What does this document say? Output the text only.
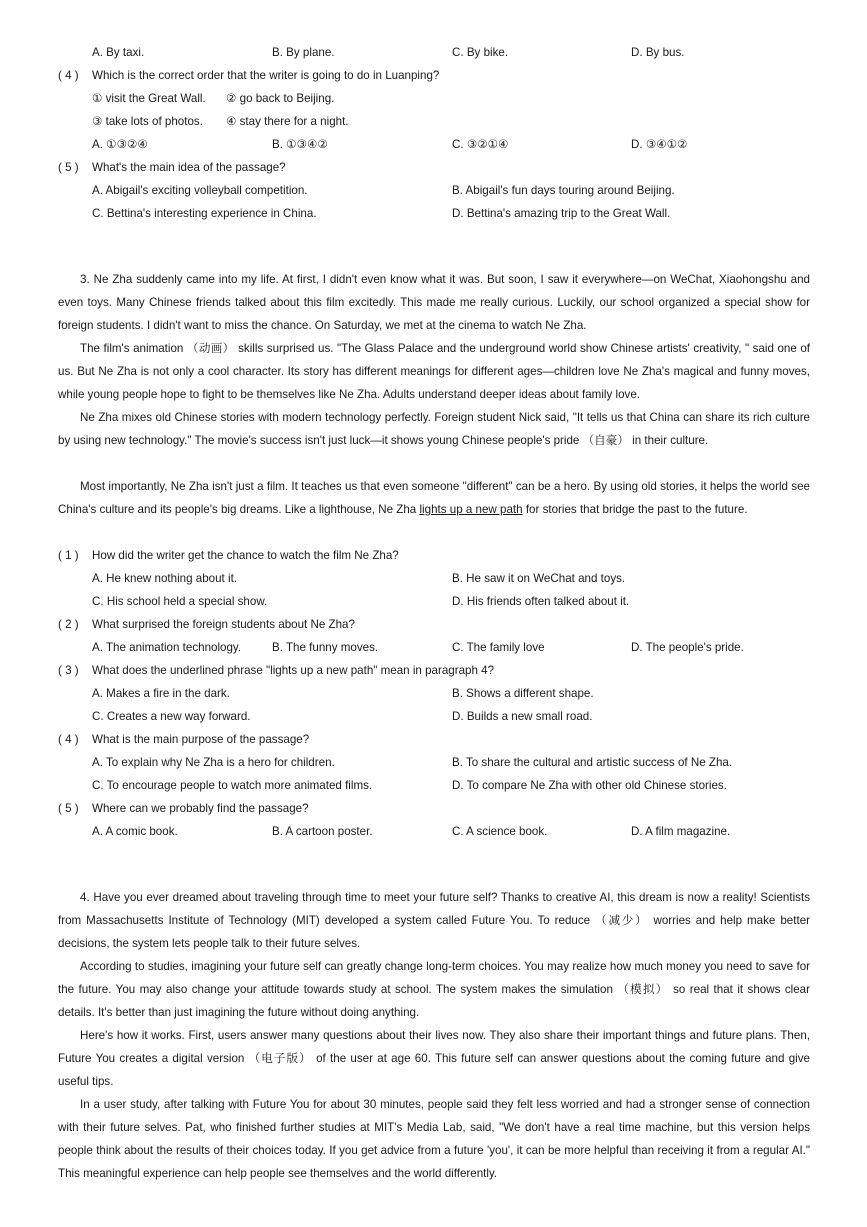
A. By taxi.	B. By plane.	C. By bike.	D. By bus.
( 4 ) Which is the correct order that the writer is going to do in Luanping?
① visit the Great Wall. ② go back to Beijing.
③ take lots of photos. ④ stay there for a night.
A. ①③②④	B. ①③④②	C. ③②①④	D. ③④①②
( 5 ) What's the main idea of the passage?
A. Abigail's exciting volleyball competition.	B. Abigail's fun days touring around Beijing.
C. Bettina's interesting experience in China.	D. Bettina's amazing trip to the Great Wall.

3. Ne Zha suddenly came into my life. At first, I didn't even know what it was. But soon, I saw it everywhere—on WeChat, Xiaohongshu and even toys. Many Chinese friends talked about this film excitedly. This made me really curious. Luckily, our school organized a special show for foreign students. I didn't want to miss the chance. On Saturday, we met at the cinema to watch Ne Zha.

The film's animation （动画） skills surprised us. "The Glass Palace and the underground world show Chinese artists' creativity, " said one of us. But Ne Zha is not only a cool character. Its story has different meanings for different ages—children love Ne Zha's magical and funny moves, while young people hope to fight to be themselves like Ne Zha. Adults understand deeper ideas about family love.

Ne Zha mixes old Chinese stories with modern technology perfectly. Foreign student Nick said, "It tells us that China can share its rich culture by using new technology." The movie's success isn't just luck—it shows young Chinese people's pride （自豪） in their culture.

Most importantly, Ne Zha isn't just a film. It teaches us that even someone "different" can be a hero. By using old stories, it helps the world see China's culture and its people's big dreams. Like a lighthouse, Ne Zha lights up a new path for stories that bridge the past to the future.

( 1 ) How did the writer get the chance to watch the film Ne Zha?
A. He knew nothing about it.	B. He saw it on WeChat and toys.
C. His school held a special show.	D. His friends often talked about it.
( 2 ) What surprised the foreign students about Ne Zha?
A. The animation technology.	B. The funny moves.	C. The family love	D. The people's pride.
( 3 ) What does the underlined phrase "lights up a new path" mean in paragraph 4?
A. Makes a fire in the dark.	B. Shows a different shape.
C. Creates a new way forward.	D. Builds a new small road.
( 4 ) What is the main purpose of the passage?
A. To explain why Ne Zha is a hero for children.	B. To share the cultural and artistic success of Ne Zha.
C. To encourage people to watch more animated films.	D. To compare Ne Zha with other old Chinese stories.
( 5 ) Where can we probably find the passage?
A. A comic book.	B. A cartoon poster.	C. A science book.	D. A film magazine.

4. Have you ever dreamed about traveling through time to meet your future self? Thanks to creative AI, this dream is now a reality! Scientists from Massachusetts Institute of Technology (MIT) developed a system called Future You. To reduce （减少） worries and help make better decisions, the system lets people talk to their future selves.

According to studies, imagining your future self can greatly change long-term choices. You may realize how much money you need to save for the future. You may also change your attitude towards study at school. The system makes the simulation （模拟） so real that it shows clear details. It's better than just imagining the future without doing anything.

Here's how it works. First, users answer many questions about their lives now. They also share their important things and future plans. Then, Future You creates a digital version （电子版） of the user at age 60. This future self can answer questions about the coming future and give useful tips.

In a user study, after talking with Future You for about 30 minutes, people said they felt less worried and had a stronger sense of connection with their future selves. Pat, who finished further studies at MIT's Media Lab, said, "We don't have a real time machine, but this version helps people think about the results of their choices today. If you get advice from a future 'you', it can be more helpful than receiving it from a regular AI." This meaningful experience can help people see themselves and the world differently.
